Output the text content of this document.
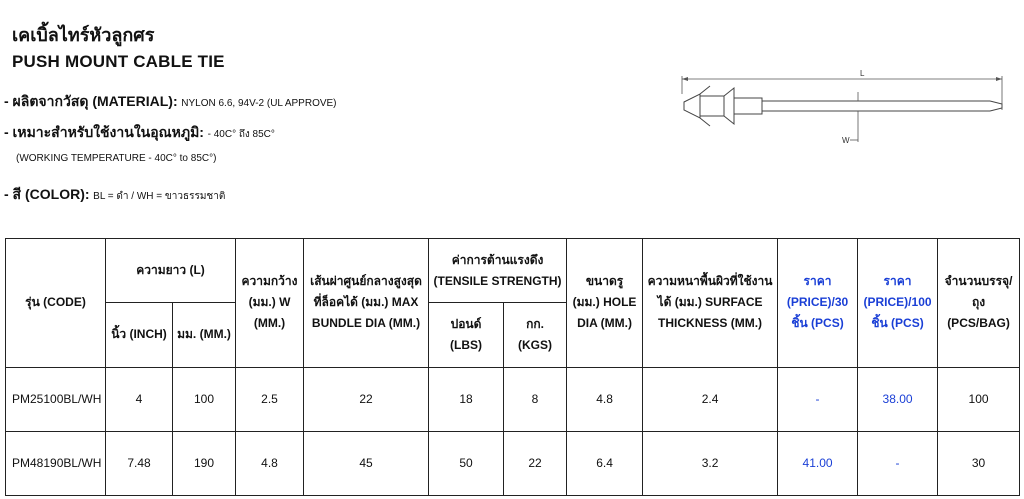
เคเบิ้ลไทร์หัวลูกศร
PUSH MOUNT CABLE TIE
- ผลิตจากวัสดุ (MATERIAL): NYLON 6.6, 94V-2 (UL APPROVE)
- เหมาะสำหรับใช้งานในอุณหภูมิ: - 40C° ถึง 85C°
(WORKING TEMPERATURE - 40C° to 85C°)
- สี (COLOR): BL = ดำ / WH = ขาวธรรมชาติ
L
W
รุ่น (CODE)	ความยาว (L)		ความกว้าง (มม.) W (MM.)	เส้นผ่าศูนย์กลางสูงสุดที่ล็อคได้ (มม.) MAX BUNDLE DIA (MM.)	ค่าการต้านแรงดึง (TENSILE STRENGTH)		ขนาดรู (มม.) HOLE DIA (MM.)	ความหนาพื้นผิวที่ใช้งานได้ (มม.) SURFACE THICKNESS (MM.)	ราคา (PRICE)/30 ชิ้น (PCS)	ราคา (PRICE)/100 ชิ้น (PCS)	จำนวนบรรจุ/ถุง (PCS/BAG)
	นิ้ว (INCH)	มม. (MM.)			ปอนด์ (LBS)	กก. (KGS)					
PM25100BL/WH	4	100	2.5	22	18	8	4.8	2.4	-	38.00	100
PM48190BL/WH	7.48	190	4.8	45	50	22	6.4	3.2	41.00	-	30
